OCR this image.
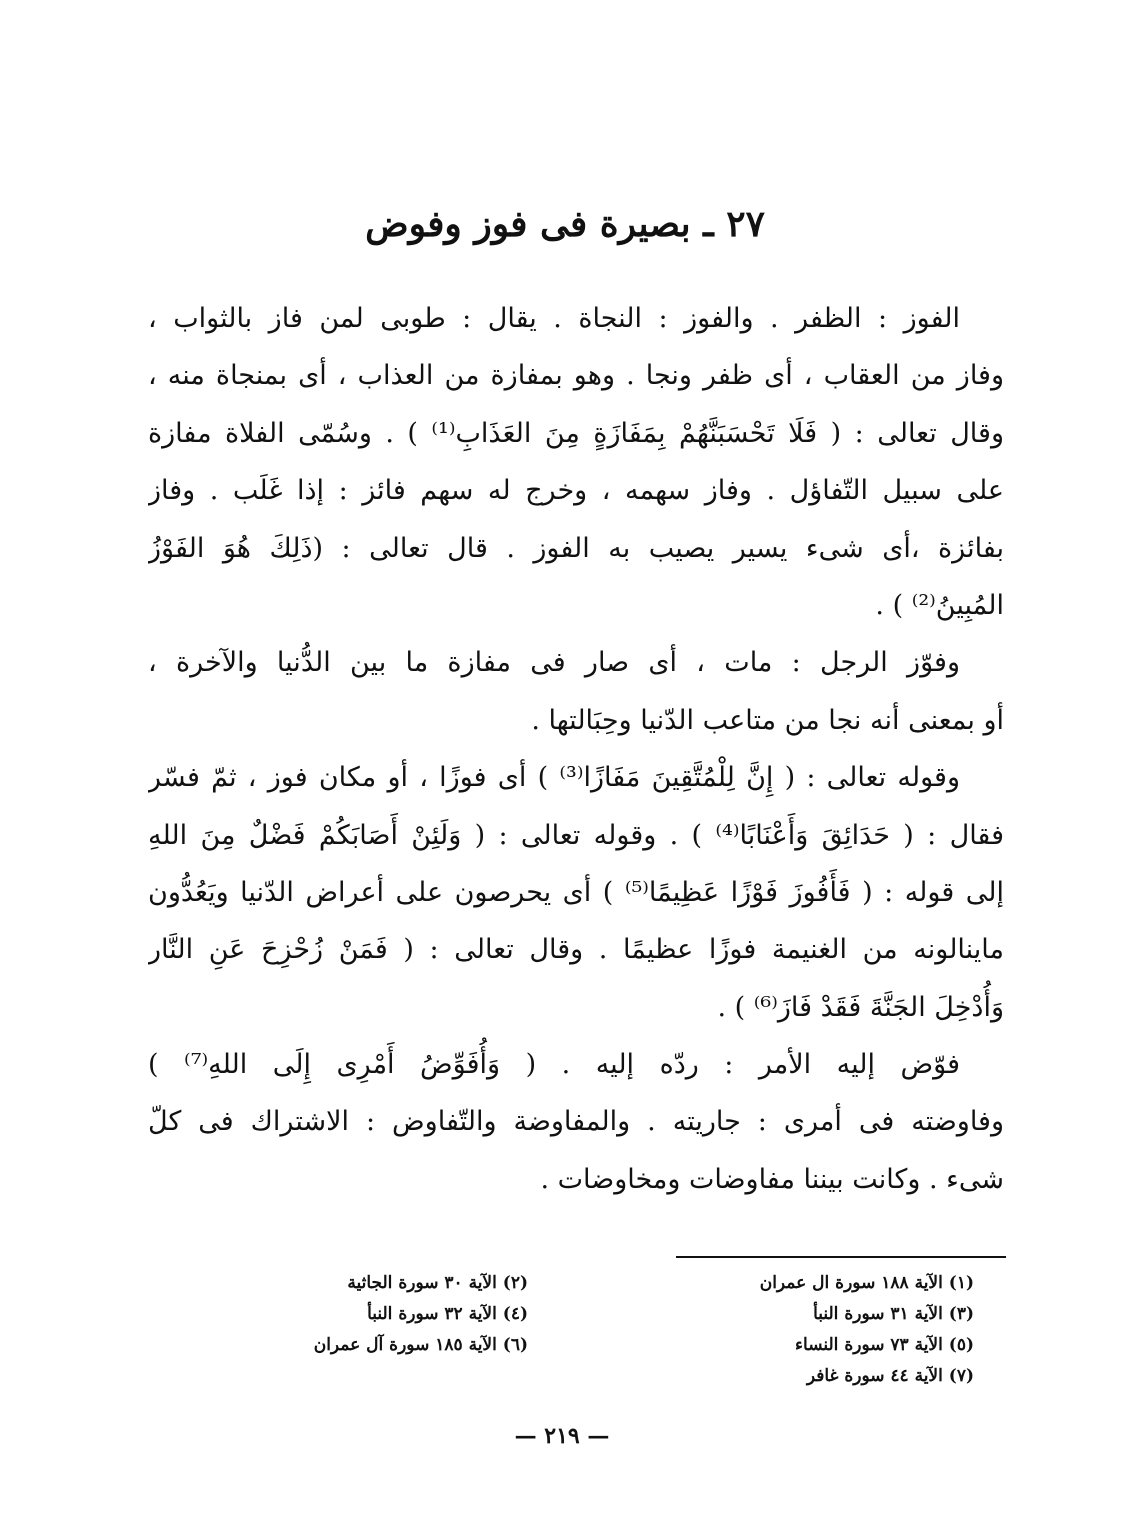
٢٧ ـ بصيرة فى فوز وفوض
الفوز : الظفر . والفوز : النجاة . يقال : طوبى لمن فاز بالثواب ،
وفاز من العقاب ، أى ظفر ونجا . وهو بمفازة من العذاب ، أى بمنجاة منه ،
وقال تعالى : ( فَلَا تَحْسَبَنَّهُمْ بِمَفَازَةٍ مِنَ العَذَابِ⁽¹⁾ ) . وسُمّى الفلاة مفازة
على سبيل التّفاؤل . وفاز سهمه ، وخرج له سهم فائز : إذا غَلَب . وفاز
بفائزة ،أى شىء يسير يصيب به الفوز . قال تعالى : (ذَلِكَ هُوَ الفَوْزُ
المُبِينُ⁽²⁾ ) .
وفوّز الرجل : مات ، أى صار فى مفازة ما بين الدُّنيا والآخرة ،
أو بمعنى أنه نجا من متاعب الدّنيا وحِبَالتها .
وقوله تعالى : ( إِنَّ لِلْمُتَّقِينَ مَفَازًا⁽³⁾ ) أى فوزًا ، أو مكان فوز ، ثمّ فسّر
فقال : ( حَدَائِقَ وَأَعْنَابًا⁽⁴⁾ ) . وقوله تعالى : ( وَلَئِنْ أَصَابَكُمْ فَضْلٌ مِنَ اللهِ
إلى قوله : ( فَأَفُوزَ فَوْزًا عَظِيمًا⁽⁵⁾ ) أى يحرصون على أعراض الدّنيا ويَعُدُّون
ماينالونه من الغنيمة فوزًا عظيمًا . وقال تعالى : ( فَمَنْ زُحْزِحَ عَنِ النَّار
وَأُدْخِلَ الجَنَّةَ فَقَدْ فَازَ⁽⁶⁾ ) .
فوّض إليه الأمر : ردّه إليه . ( وَأُفَوِّضُ أَمْرِى إِلَى اللهِ⁽⁷⁾ )
وفاوضته فى أمرى : جاريته . والمفاوضة والتّفاوض : الاشتراك فى كلّ
شىء . وكانت بيننا مفاوضات ومخاوضات .
(١) الآية ١٨٨ سورة ال عمران
(٣) الآية ٣١ سورة النبأ
(٥) الآية ٧٣ سورة النساء
(٧) الآية ٤٤ سورة غافر
(٢) الآية ٣٠ سورة الجاثية
(٤) الآية ٣٢ سورة النبأ
(٦) الآية ١٨٥ سورة آل عمران
— ٢١٩ —
